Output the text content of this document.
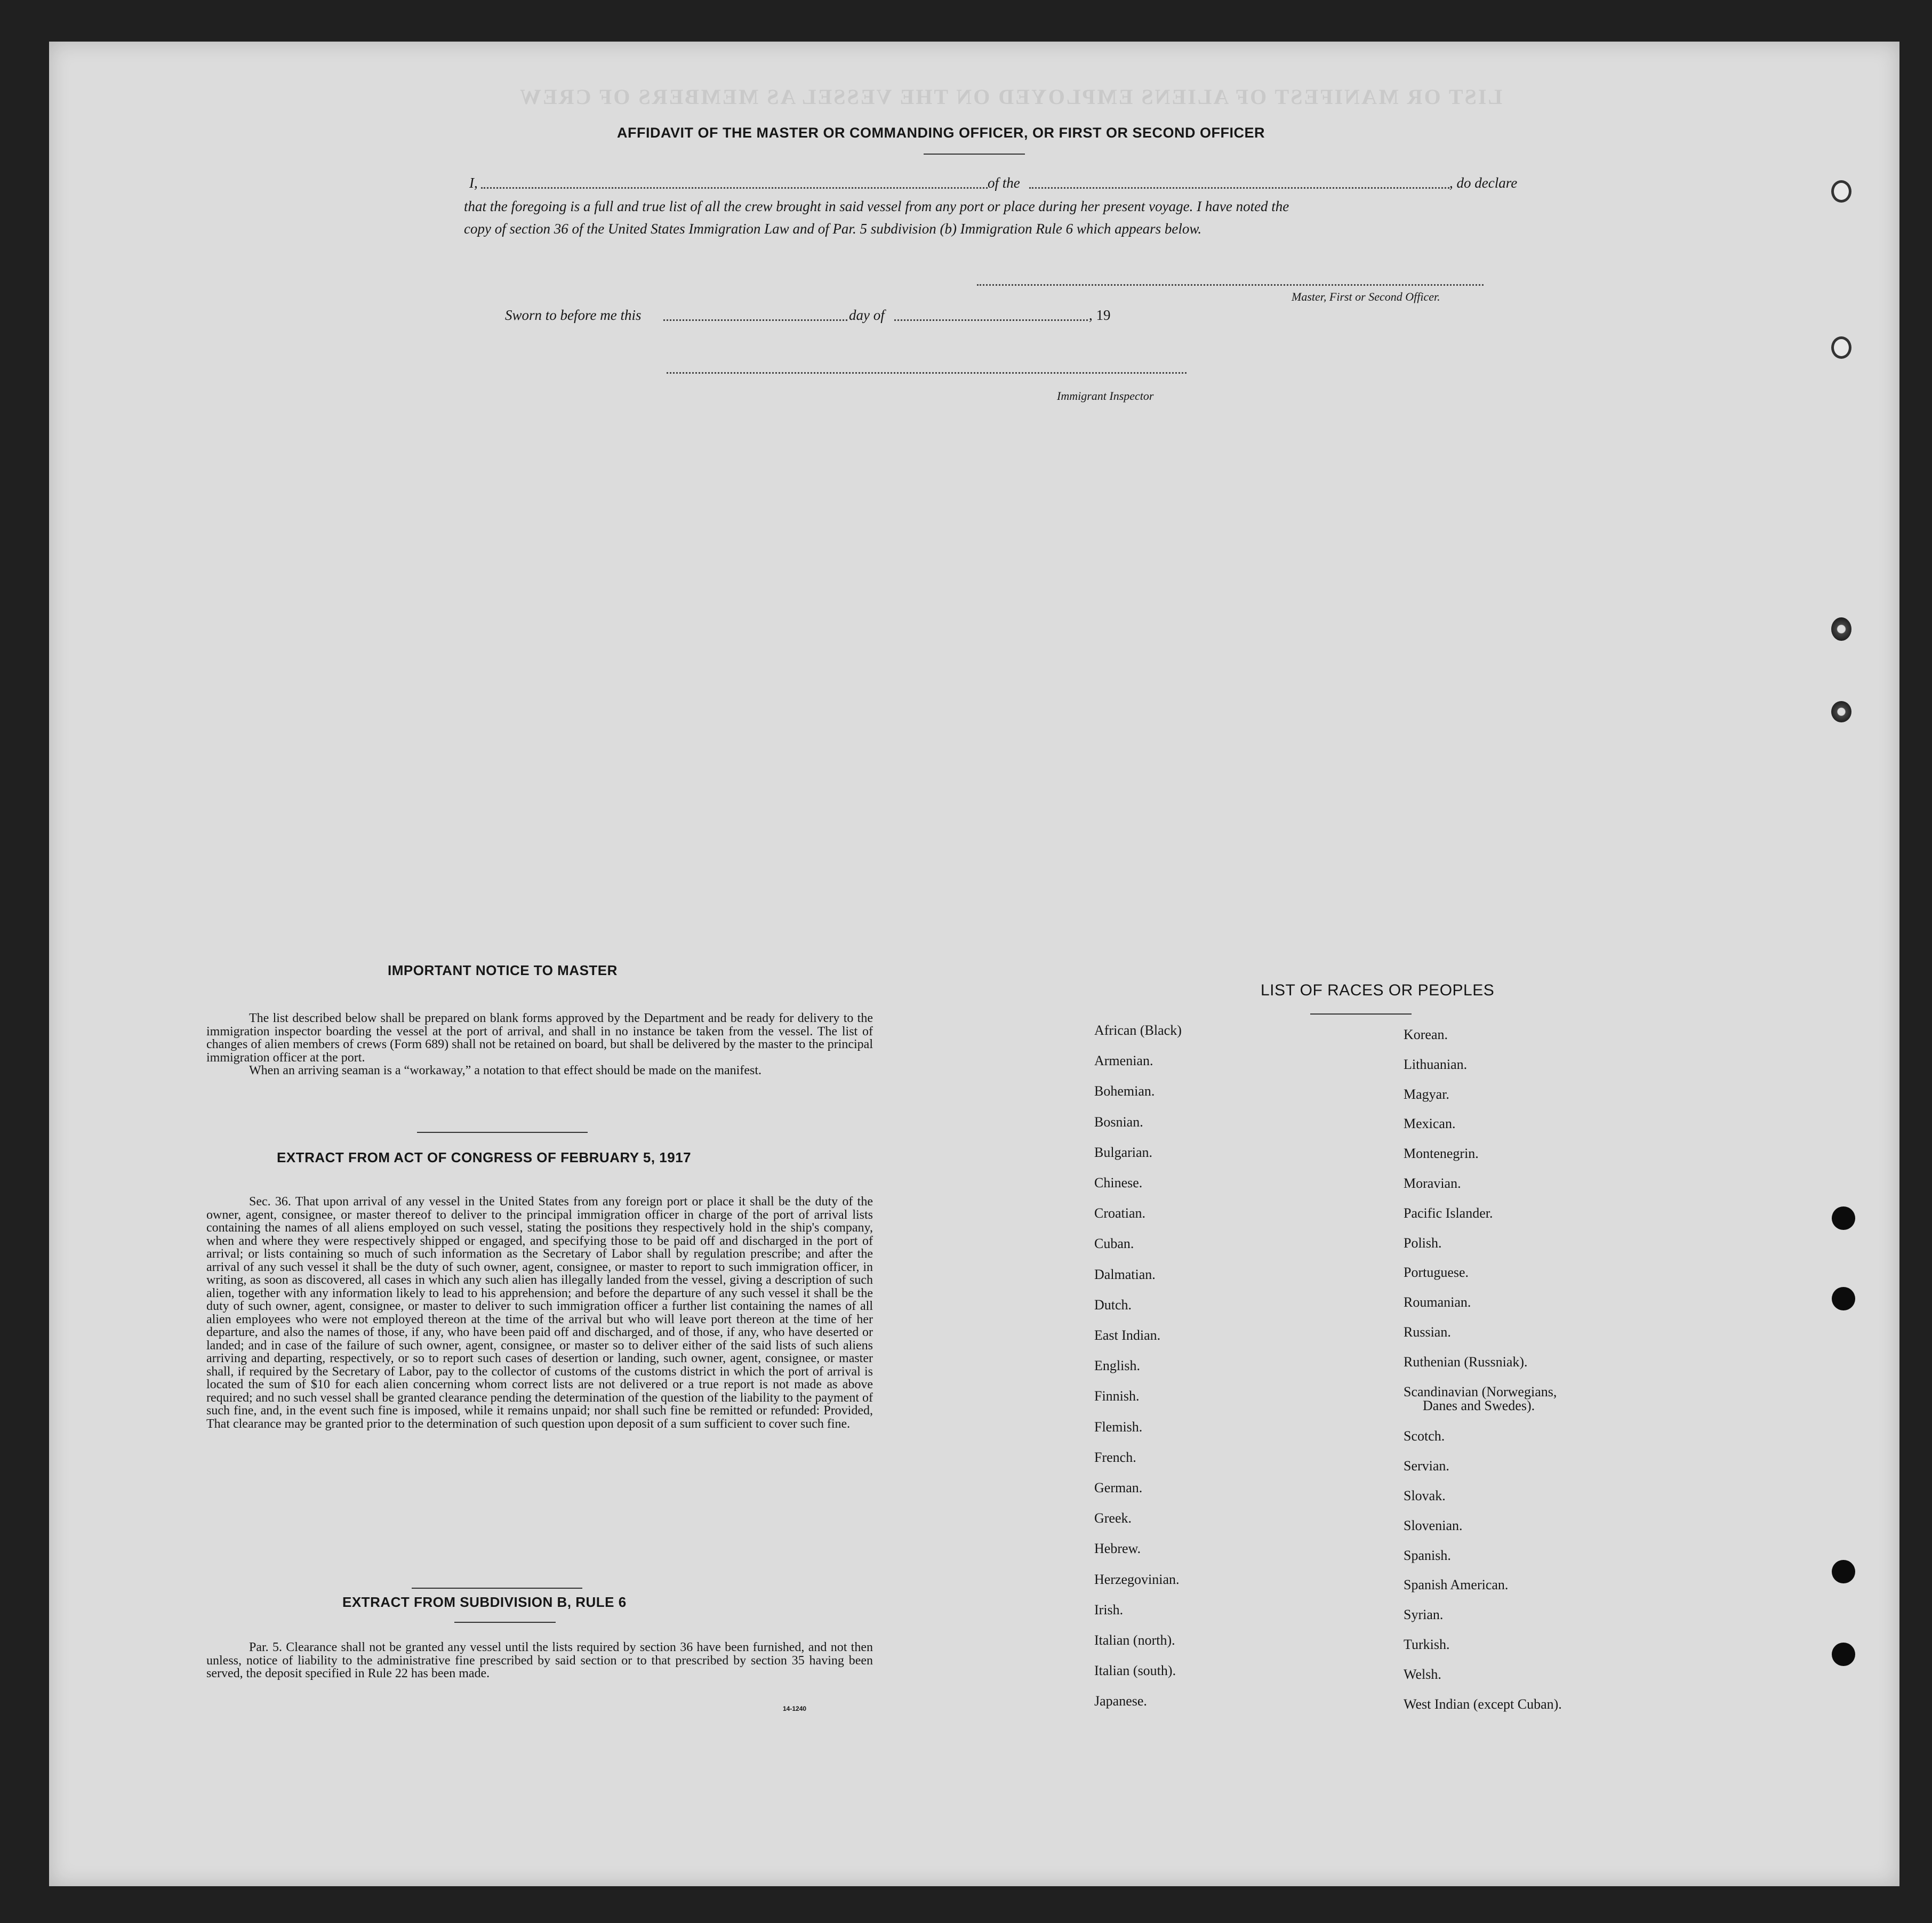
LIST OR MANIFEST OF ALIENS EMPLOYED ON THE VESSEL AS MEMBERS OF CREW
AFFIDAVIT OF THE MASTER OR COMMANDING OFFICER, OR FIRST OR SECOND OFFICER
I,	of the	, do declare
that the foregoing is a full and true list of all the crew brought in said vessel from any port or place during her present voyage. I have noted the
copy of section 36 of the United States Immigration Law and of Par. 5 subdivision (b) Immigration Rule 6 which appears below.
Master, First or Second Officer.
Sworn to before me this	day of	, 19
Immigrant Inspector
IMPORTANT NOTICE TO MASTER
The list described below shall be prepared on blank forms approved by the Department and be ready for delivery to the immigration inspector boarding the vessel at the port of arrival, and shall in no instance be taken from the vessel. The list of changes of alien members of crews (Form 689) shall not be retained on board, but shall be delivered by the master to the principal immigration officer at the port.
When an arriving seaman is a “workaway,” a notation to that effect should be made on the manifest.
EXTRACT FROM ACT OF CONGRESS OF FEBRUARY 5, 1917
Sec. 36. That upon arrival of any vessel in the United States from any foreign port or place it shall be the duty of the owner, agent, consignee, or master thereof to deliver to the principal immigration officer in charge of the port of arrival lists containing the names of all aliens employed on such vessel, stating the positions they respectively hold in the ship's company, when and where they were respectively shipped or engaged, and specifying those to be paid off and discharged in the port of arrival; or lists containing so much of such information as the Secretary of Labor shall by regulation prescribe; and after the arrival of any such vessel it shall be the duty of such owner, agent, consignee, or master to report to such immigration officer, in writing, as soon as discovered, all cases in which any such alien has illegally landed from the vessel, giving a description of such alien, together with any information likely to lead to his apprehension; and before the departure of any such vessel it shall be the duty of such owner, agent, consignee, or master to deliver to such immigration officer a further list containing the names of all alien employees who were not employed thereon at the time of the arrival but who will leave port thereon at the time of her departure, and also the names of those, if any, who have been paid off and discharged, and of those, if any, who have deserted or landed; and in case of the failure of such owner, agent, consignee, or master so to deliver either of the said lists of such aliens arriving and departing, respectively, or so to report such cases of desertion or landing, such owner, agent, consignee, or master shall, if required by the Secretary of Labor, pay to the collector of customs of the customs district in which the port of arrival is located the sum of $10 for each alien concerning whom correct lists are not delivered or a true report is not made as above required; and no such vessel shall be granted clearance pending the determination of the question of the liability to the payment of such fine, and, in the event such fine is imposed, while it remains unpaid; nor shall such fine be remitted or refunded: Provided, That clearance may be granted prior to the determination of such question upon deposit of a sum sufficient to cover such fine.
EXTRACT FROM SUBDIVISION B, RULE 6
Par. 5. Clearance shall not be granted any vessel until the lists required by section 36 have been furnished, and not then unless, notice of liability to the administrative fine prescribed by said section or to that prescribed by section 35 having been served, the deposit specified in Rule 22 has been made.
14-1240
LIST OF RACES OR PEOPLES
African (Black)
Armenian.
Bohemian.
Bosnian.
Bulgarian.
Chinese.
Croatian.
Cuban.
Dalmatian.
Dutch.
East Indian.
English.
Finnish.
Flemish.
French.
German.
Greek.
Hebrew.
Herzegovinian.
Irish.
Italian (north).
Italian (south).
Japanese.
Korean.
Lithuanian.
Magyar.
Mexican.
Montenegrin.
Moravian.
Pacific Islander.
Polish.
Portuguese.
Roumanian.
Russian.
Ruthenian (Russniak).
Scandinavian (Norwegians,
Danes and Swedes).
Scotch.
Servian.
Slovak.
Slovenian.
Spanish.
Spanish American.
Syrian.
Turkish.
Welsh.
West Indian (except Cuban).
